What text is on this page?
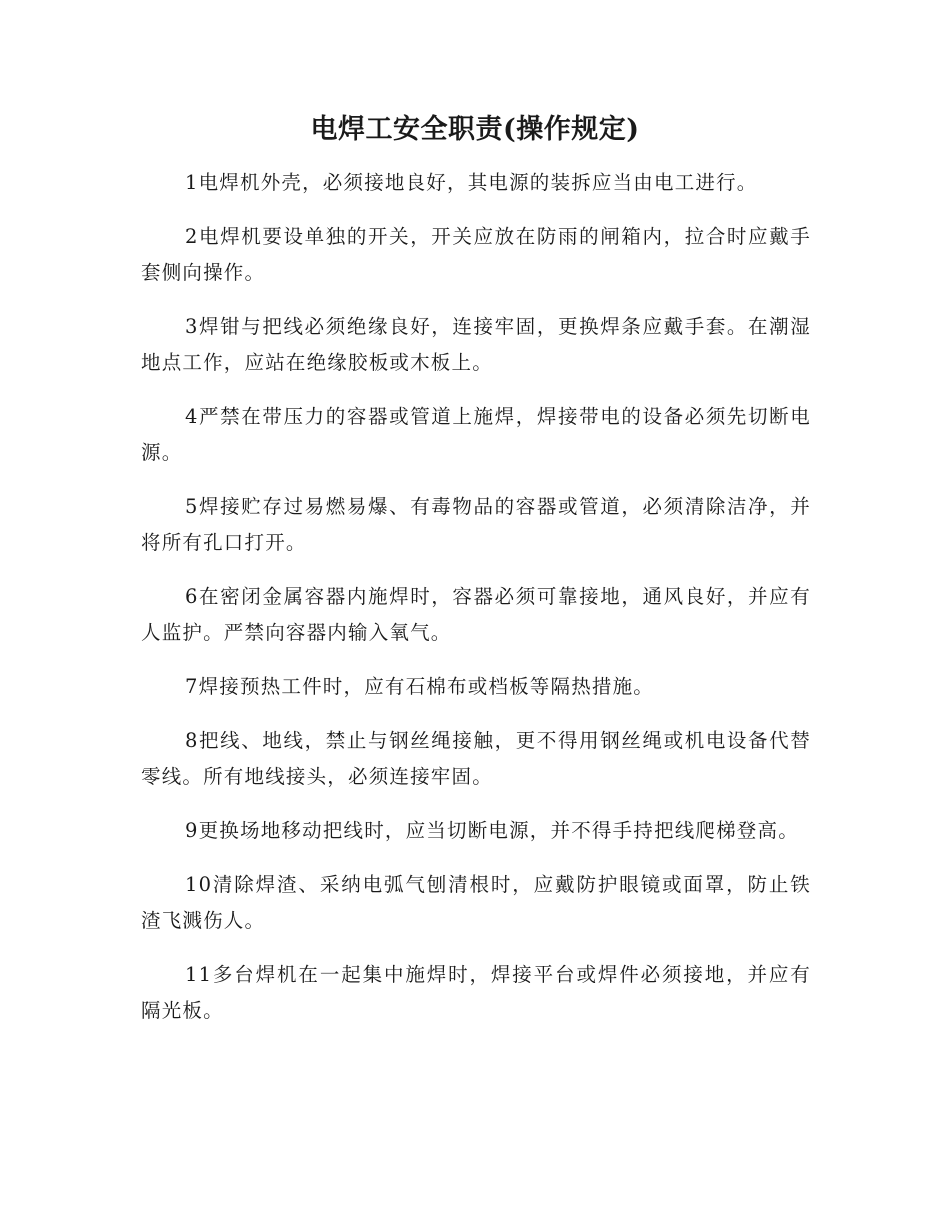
电焊工安全职责(操作规定)

1电焊机外壳，必须接地良好，其电源的装拆应当由电工进行。

2电焊机要设单独的开关，开关应放在防雨的闸箱内，拉合时应戴手套侧向操作。

3焊钳与把线必须绝缘良好，连接牢固，更换焊条应戴手套。在潮湿地点工作，应站在绝缘胶板或木板上。

4严禁在带压力的容器或管道上施焊，焊接带电的设备必须先切断电源。

5焊接贮存过易燃易爆、有毒物品的容器或管道，必须清除洁净，并将所有孔口打开。

6在密闭金属容器内施焊时，容器必须可靠接地，通风良好，并应有人监护。严禁向容器内输入氧气。

7焊接预热工件时，应有石棉布或档板等隔热措施。

8把线、地线，禁止与钢丝绳接触，更不得用钢丝绳或机电设备代替零线。所有地线接头，必须连接牢固。

9更换场地移动把线时，应当切断电源，并不得手持把线爬梯登高。

10清除焊渣、采纳电弧气刨清根时，应戴防护眼镜或面罩，防止铁渣飞溅伤人。

11多台焊机在一起集中施焊时，焊接平台或焊件必须接地，并应有隔光板。
